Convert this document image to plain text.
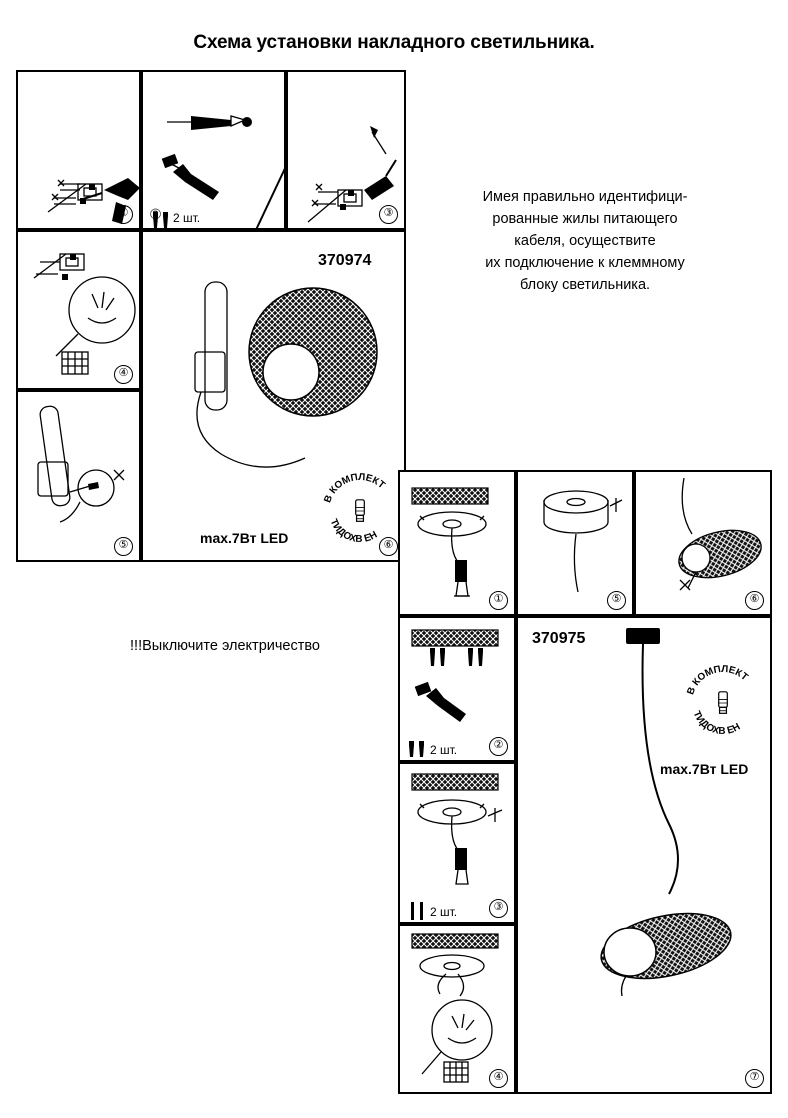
Схема установки накладного светильника.
①	2 шт.
②	③
④
⑤
370974
max.7Вт LED
В КОМПЛЕКТ
ТИДОХВ ЕН
⑥
Имея правильно идентифици-
рованные жилы питающего
кабеля, осуществите
их подключение к клеммному
блоку светильника.
!!!Выключите электричество
①	⑤	⑥
2 шт.	②
2 шт.	③
④
370975
max.7Вт LED
В КОМПЛЕКТ
ТИДОХВ ЕН
⑦
